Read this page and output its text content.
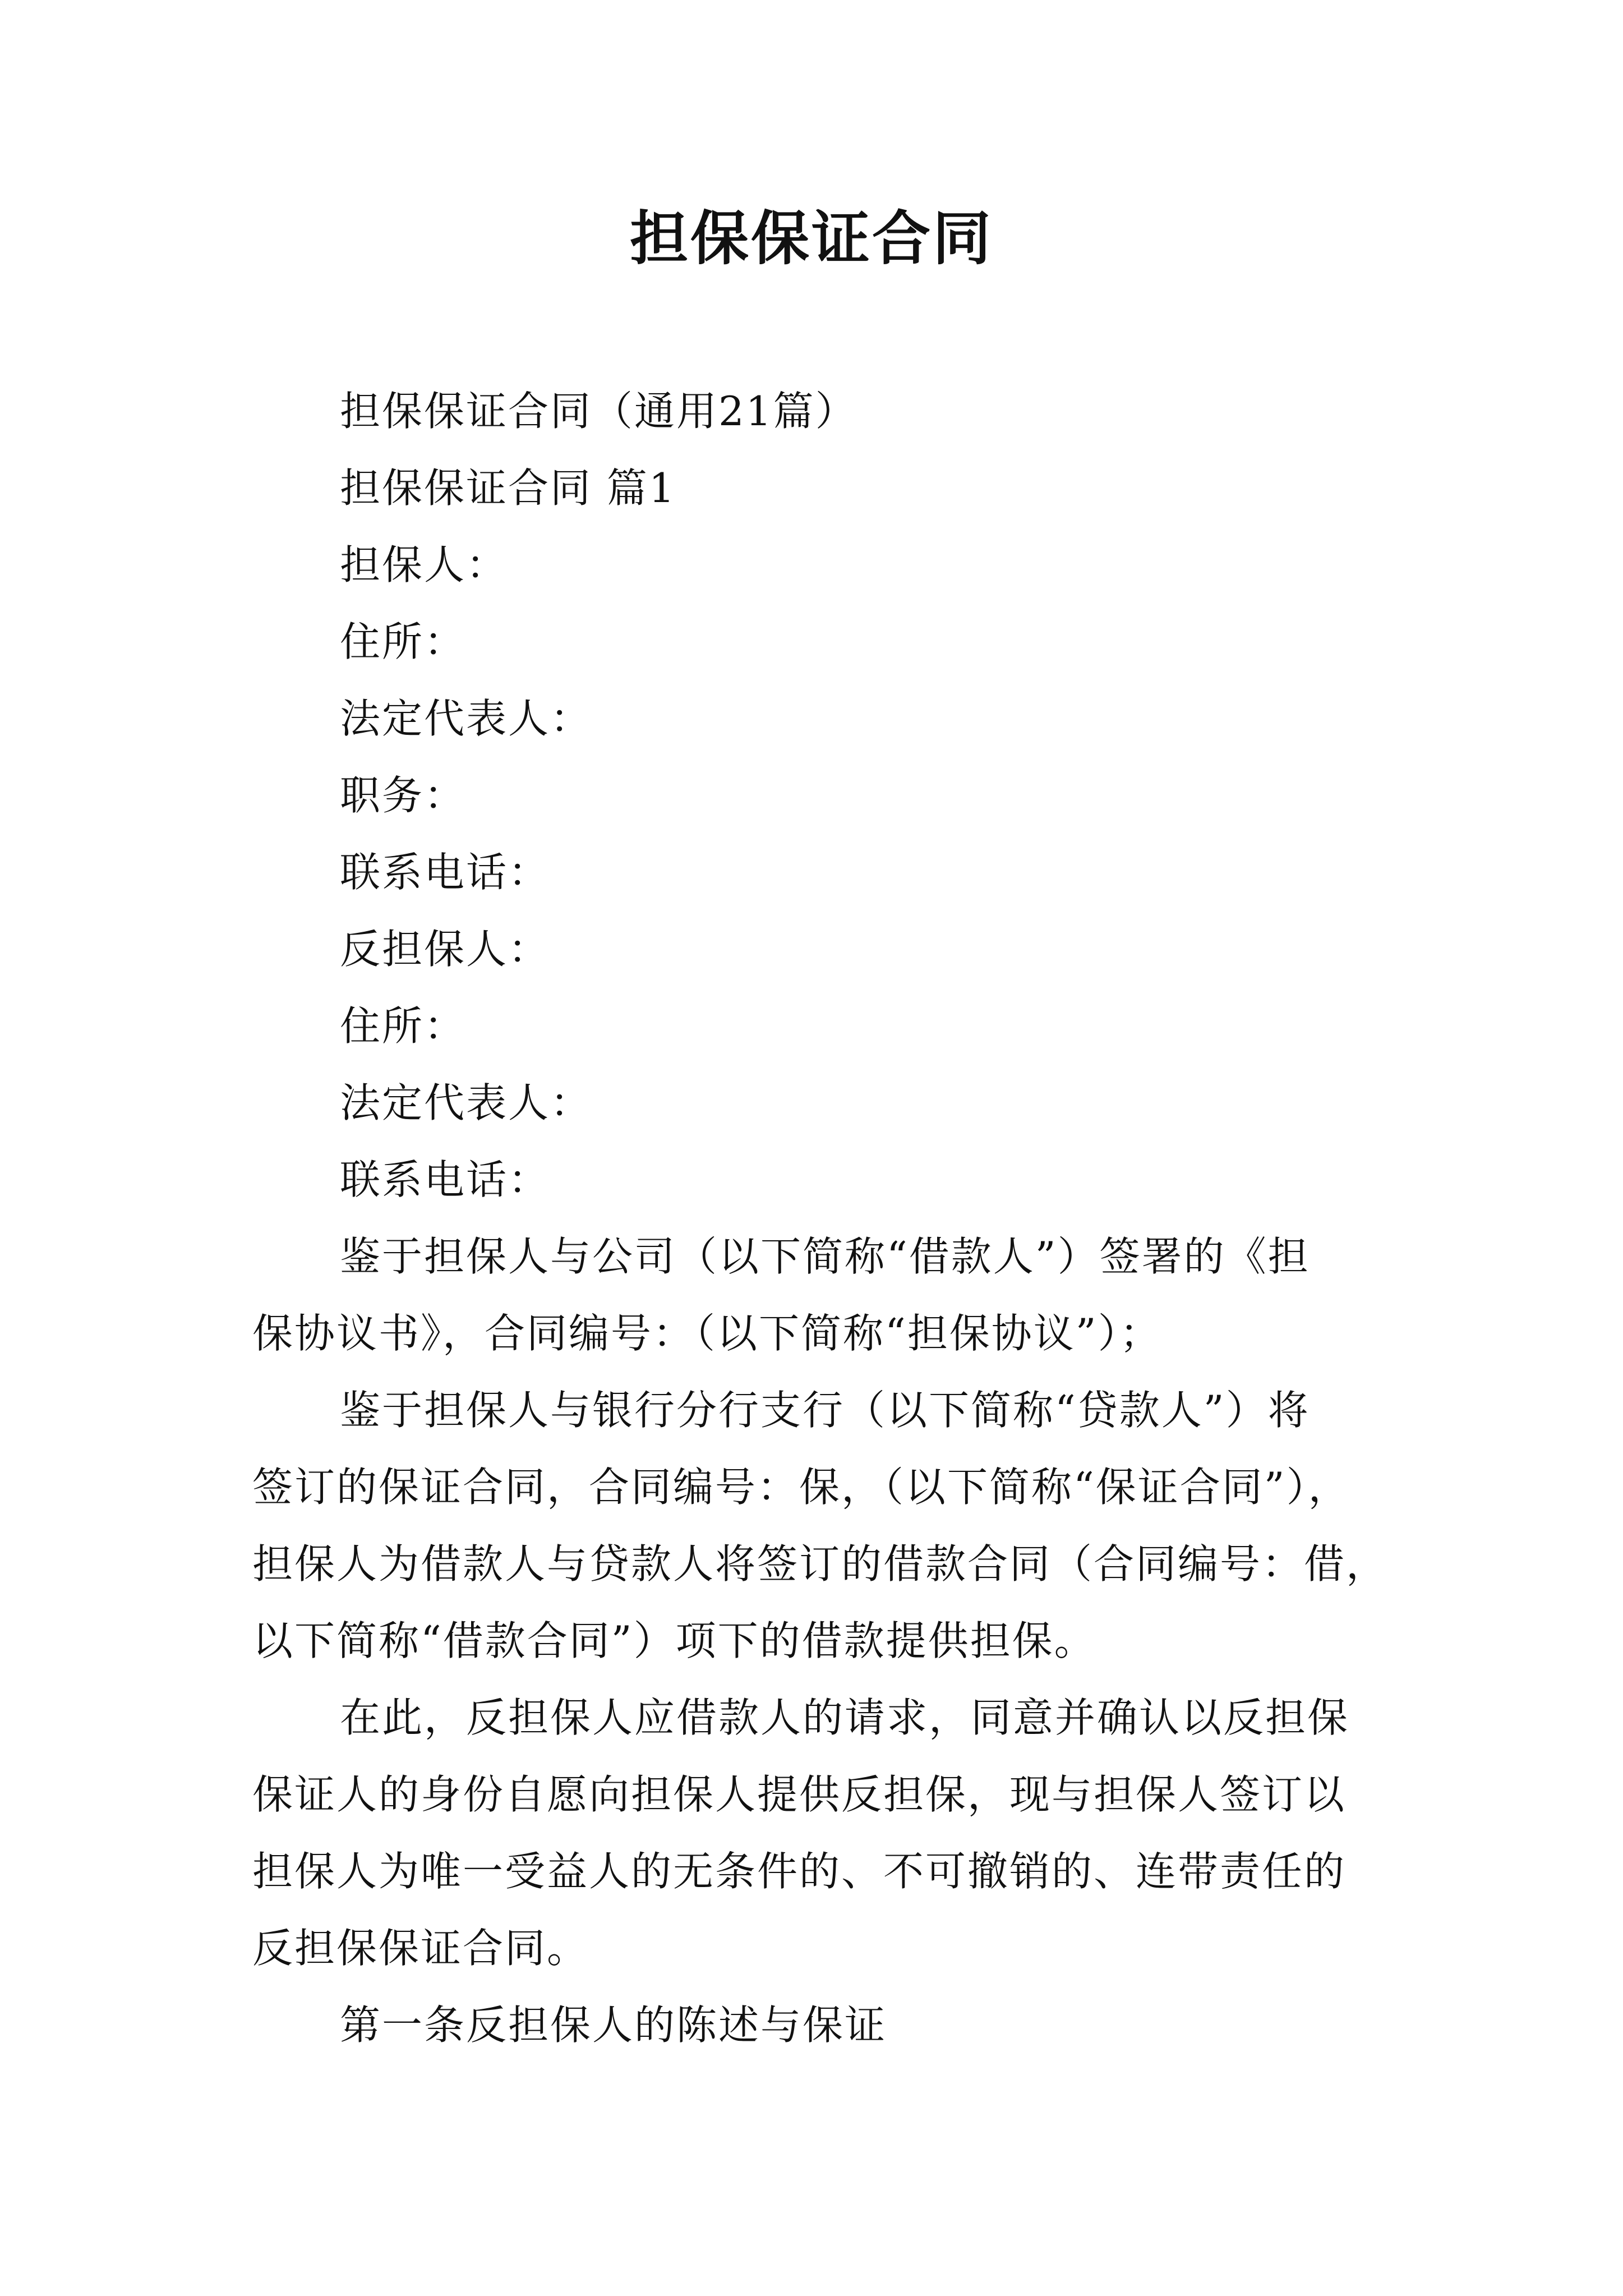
担保保证合同

担保保证合同（通用21篇）

担保保证合同 篇1

担保人：

住所：

法定代表人：

职务：

联系电话：

反担保人：

住所：

法定代表人：

联系电话：

鉴于担保人与公司（以下简称“借款人”）签署的《担

保协议书》，合同编号：（以下简称“担保协议”）；

鉴于担保人与银行分行支行（以下简称“贷款人”）将

签订的保证合同，合同编号：保，（以下简称“保证合同”），

担保人为借款人与贷款人将签订的借款合同（合同编号：借，

以下简称“借款合同”）项下的借款提供担保。

在此，反担保人应借款人的请求，同意并确认以反担保

保证人的身份自愿向担保人提供反担保，现与担保人签订以

担保人为唯一受益人的无条件的、不可撤销的、连带责任的

反担保保证合同。

第一条反担保人的陈述与保证
